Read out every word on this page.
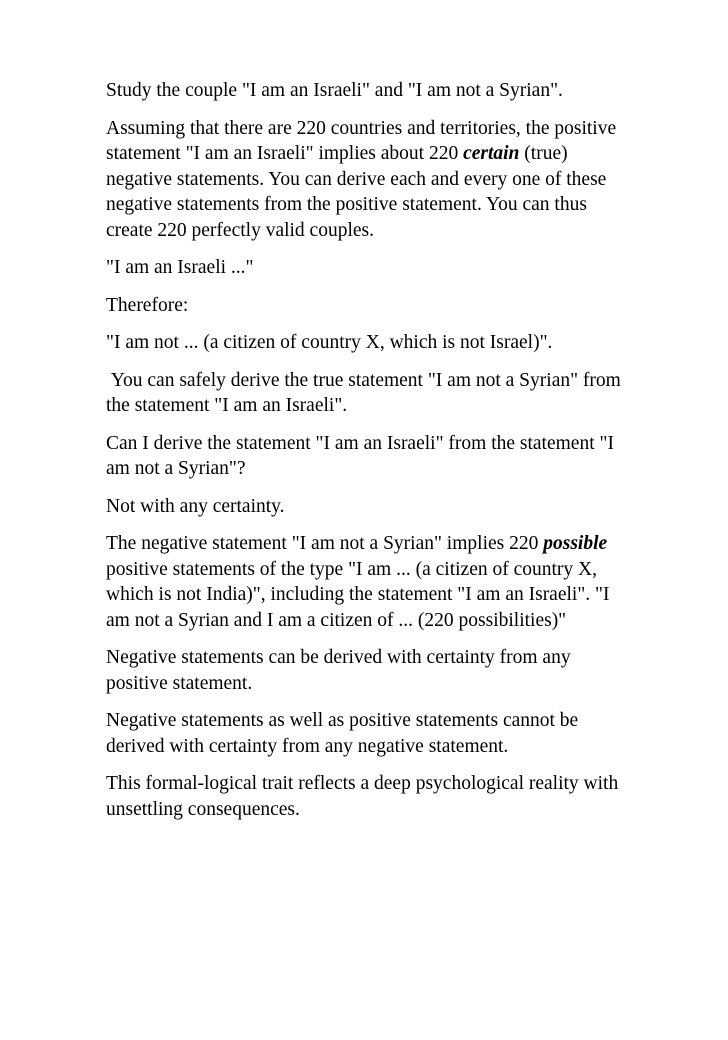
Study the couple "I am an Israeli" and "I am not a Syrian".

Assuming that there are 220 countries and territories, the positive statement "I am an Israeli" implies about 220 certain (true) negative statements. You can derive each and every one of these negative statements from the positive statement. You can thus create 220 perfectly valid couples.

"I am an Israeli ..."

Therefore:

"I am not ... (a citizen of country X, which is not Israel)".

You can safely derive the true statement "I am not a Syrian" from the statement "I am an Israeli".

Can I derive the statement "I am an Israeli" from the statement "I am not a Syrian"?

Not with any certainty.

The negative statement "I am not a Syrian" implies 220 possible positive statements of the type "I am ... (a citizen of country X, which is not India)", including the statement "I am an Israeli". "I am not a Syrian and I am a citizen of ... (220 possibilities)"

Negative statements can be derived with certainty from any positive statement.

Negative statements as well as positive statements cannot be derived with certainty from any negative statement.

This formal-logical trait reflects a deep psychological reality with unsettling consequences.
